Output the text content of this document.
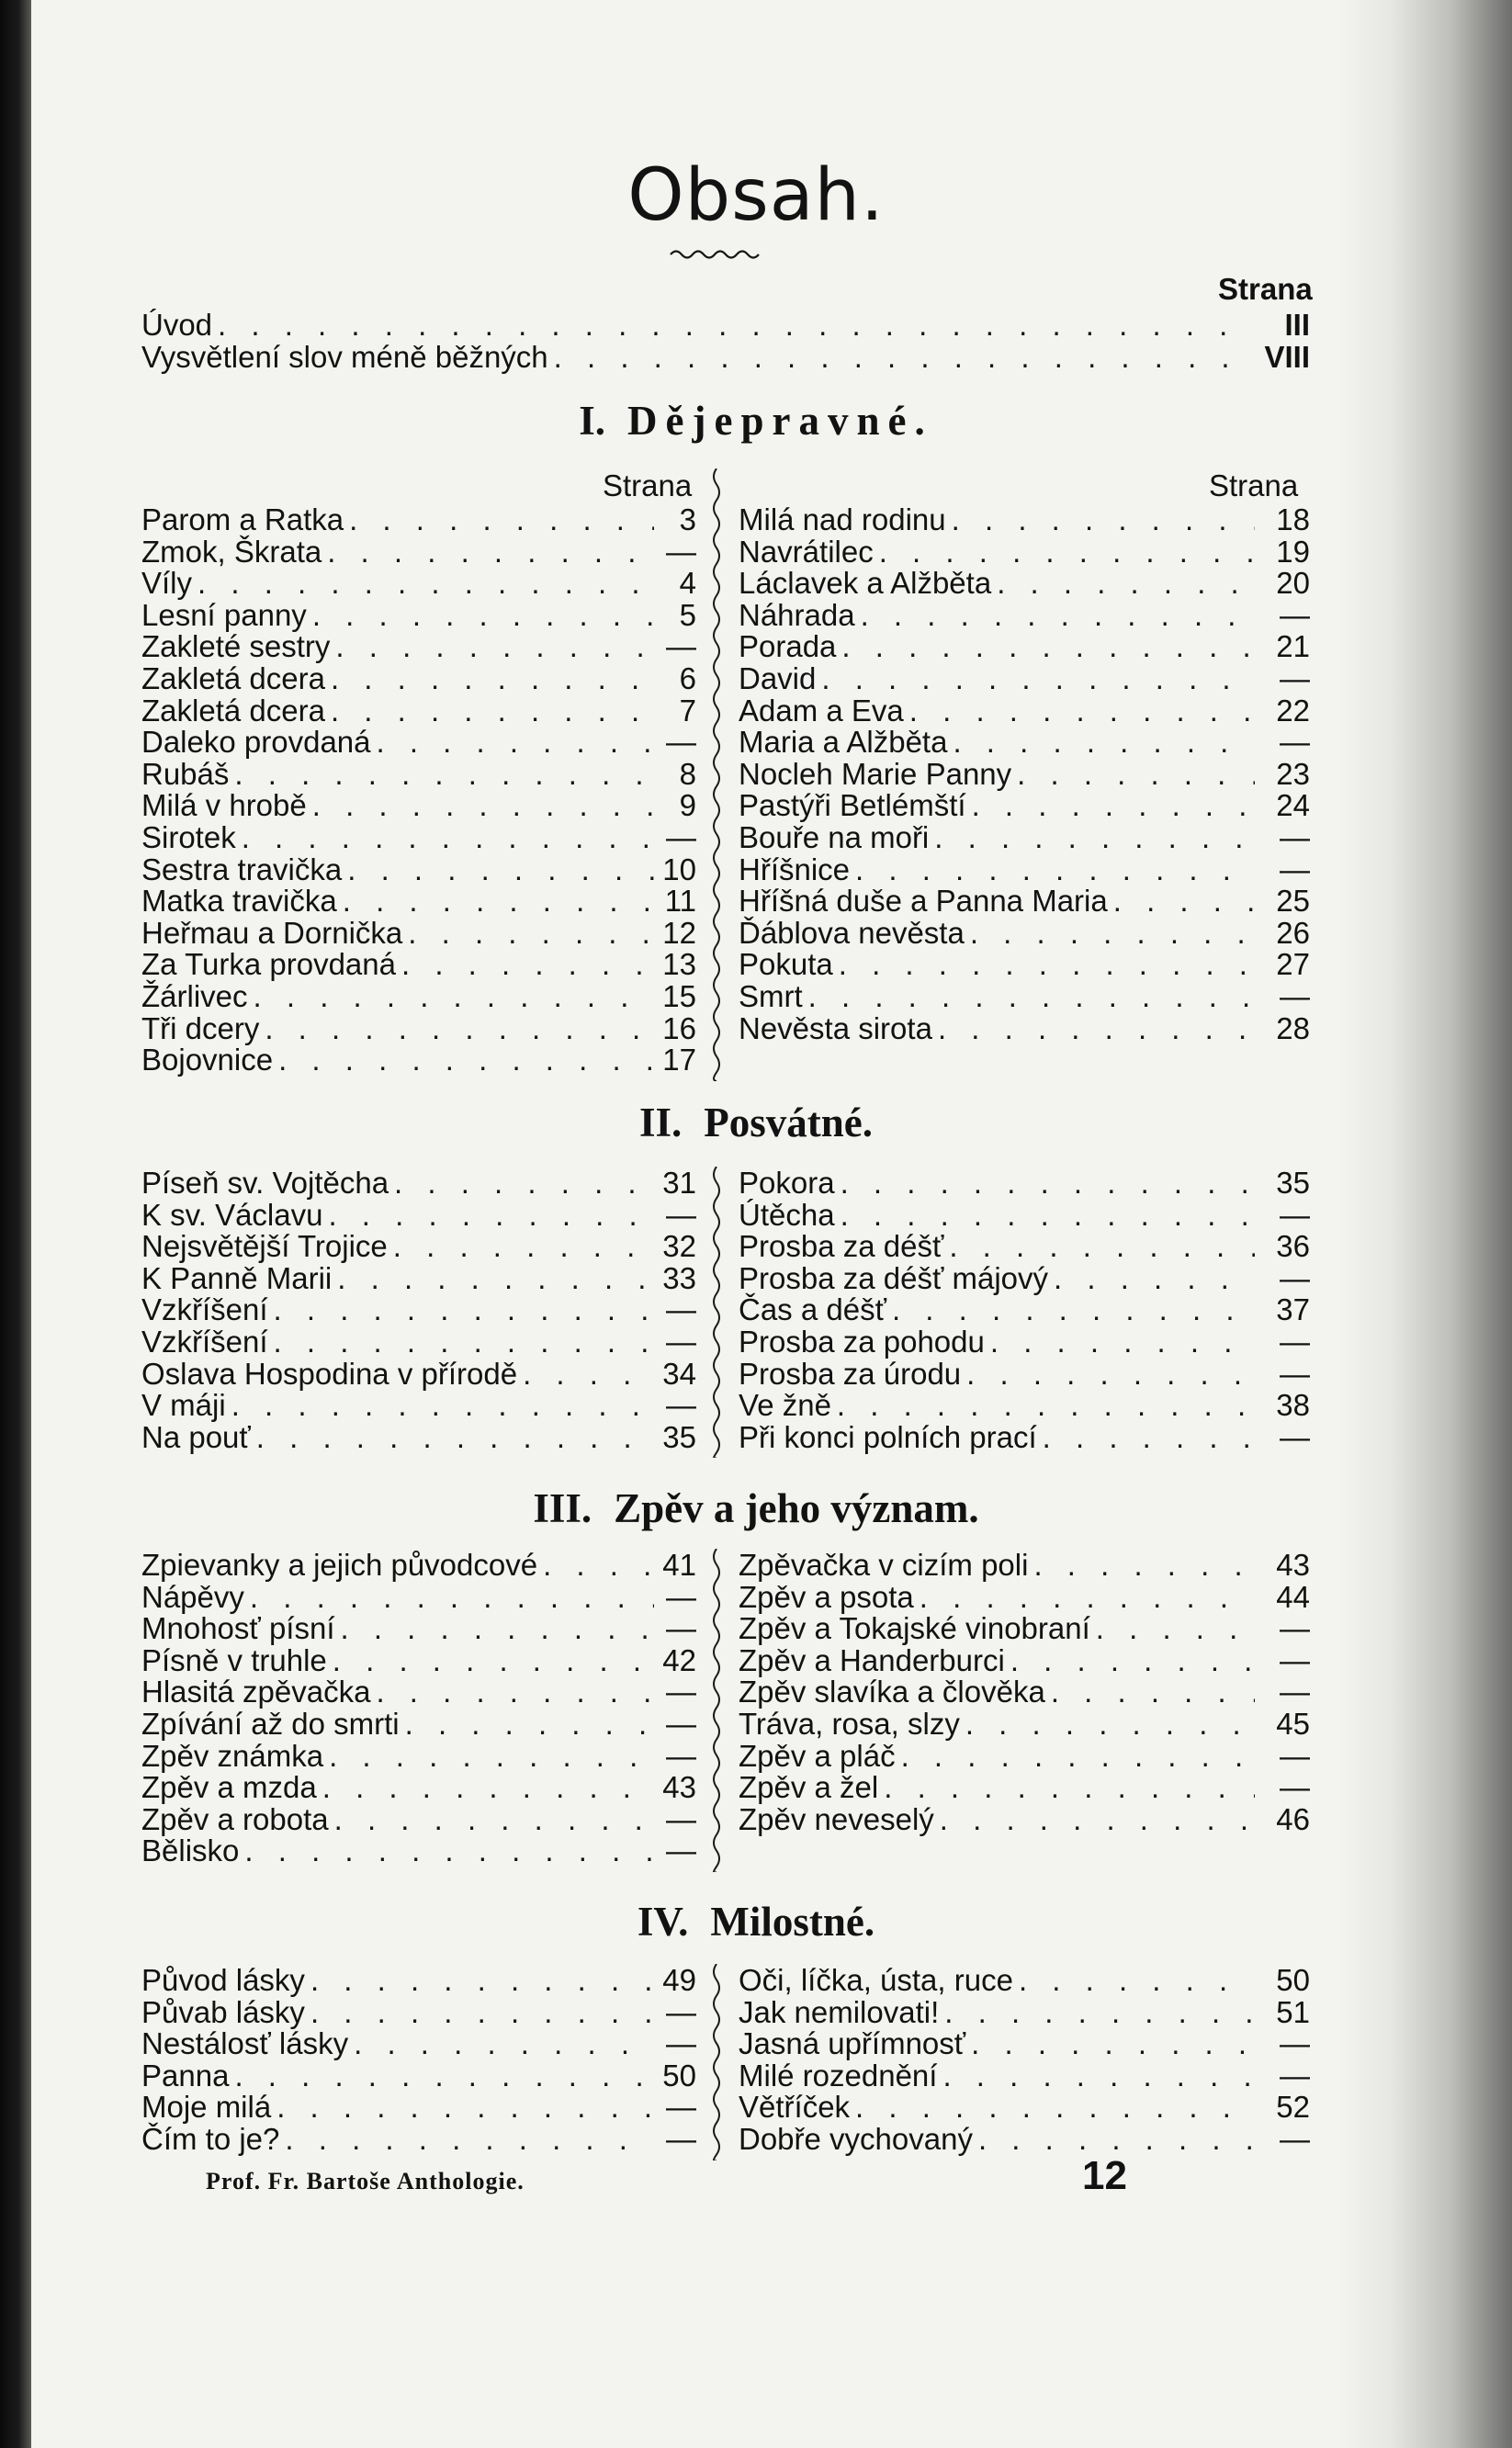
Obsah.
Strana
Úvod . . .	III
Vysvětlení slov méně běžných . . .	VIII
I. Dějepravné.
Strana	Strana
Parom a Ratka . . .	3
Zmok, Škrata . . .	—
Víly . . .	4
Lesní panny . . .	5
Zakleté sestry . . .	—
Zakletá dcera . . .	6
Zakletá dcera . . .	7
Daleko provdaná . . .	—
Rubáš . . .	8
Milá v hrobě . . .	9
Sirotek . . .	—
Sestra travička . . .	10
Matka travička . . .	11
Heřmau a Dornička . . .	12
Za Turka provdaná . . .	13
Žárlivec . . .	15
Tři dcery . . .	16
Bojovnice . . .	17
Milá nad rodinu . . .	18
Navrátilec . . .	19
Láclavek a Alžběta . . .	20
Náhrada . . .	—
Porada . . .	21
David . . .	—
Adam a Eva . . .	22
Maria a Alžběta . . .	—
Nocleh Marie Panny . . .	23
Pastýři Betlémští . . .	24
Bouře na moři . . .	—
Hříšnice . . .	—
Hříšná duše a Panna Maria . . .	25
Ďáblova nevěsta . . .	26
Pokuta . . .	27
Smrt . . .	—
Nevěsta sirota . . .	28
II. Posvátné.
Píseň sv. Vojtěcha . . .	31
K sv. Václavu . . .	—
Nejsvětější Trojice . . .	32
K Panně Marii . . .	33
Vzkříšení . . .	—
Vzkříšení . . .	—
Oslava Hospodina v přírodě . . .	34
V máji . . .	—
Na pouť . . .	35
Pokora . . .	35
Útěcha . . .	—
Prosba za déšť . . .	36
Prosba za déšť májový . . .	—
Čas a déšť . . .	37
Prosba za pohodu . . .	—
Prosba za úrodu . . .	—
Ve žně . . .	38
Při konci polních prací . . .	—
III. Zpěv a jeho význam.
Zpievanky a jejich původcové . . .	41
Nápěvy . . .	—
Mnohosť písní . . .	—
Písně v truhle . . .	42
Hlasitá zpěvačka . . .	—
Zpívání až do smrti . . .	—
Zpěv známka . . .	—
Zpěv a mzda . . .	43
Zpěv a robota . . .	—
Bělisko . . .	—
Zpěvačka v cizím poli . . .	43
Zpěv a psota . . .	44
Zpěv a Tokajské vinobraní . . .	—
Zpěv a Handerburci . . .	—
Zpěv slavíka a člověka . . .	—
Tráva, rosa, slzy . . .	45
Zpěv a pláč . . .	—
Zpěv a žel . . .	—
Zpěv neveselý . . .	46
IV. Milostné.
Původ lásky . . .	49
Půvab lásky . . .	—
Nestálosť lásky . . .	—
Panna . . .	50
Moje milá . . .	—
Čím to je? . . .	—
Oči, líčka, ústa, ruce . . .	50
Jak nemilovati! . . .	51
Jasná upřímnosť . . .	—
Milé rozednění . . .	—
Větříček . . .	52
Dobře vychovaný . . .	—
Prof. Fr. Bartoše Anthologie.	12
